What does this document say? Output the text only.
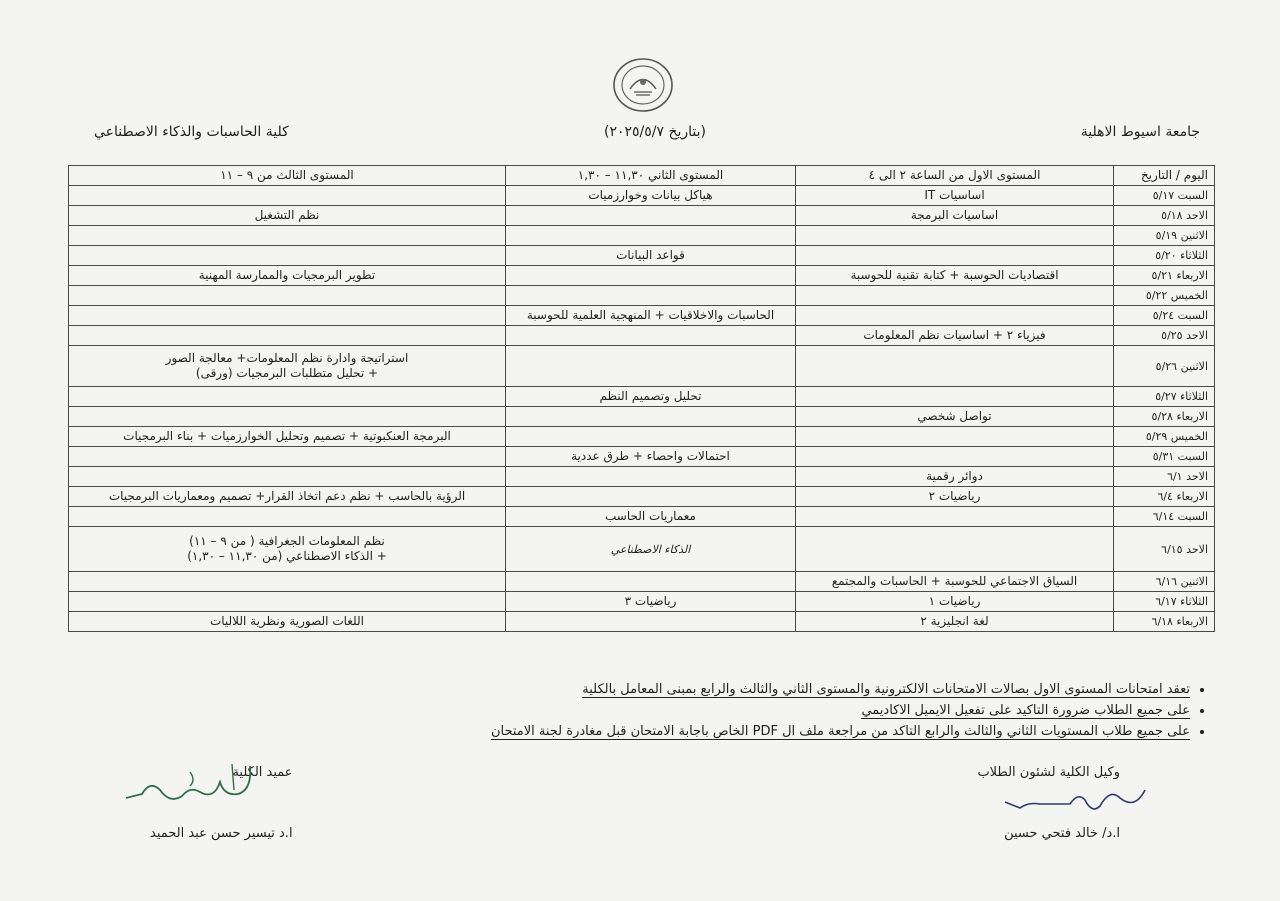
جامعة اسيوط الاهلية
(بتاريخ ٢٠٢٥/٥/٧)
كلية الحاسبات والذكاء الاصطناعي
اليوم / التاريخ	المستوى الاول من الساعة ٢ الى ٤	المستوى الثاني ١١,٣٠ – ١,٣٠	المستوى الثالث من ٩ – ١١
السبت ٥/١٧	اساسيات IT	هياكل بيانات وخوارزميات	
الاحد ٥/١٨	اساسيات البرمجة		نظم التشغيل
الاثنين ٥/١٩			
الثلاثاء ٥/٢٠		قواعد البيانات	
الاربعاء ٥/٢١	اقتصاديات الحوسبة + كتابة تقنية للحوسبة		تطوير البرمجيات والممارسة المهنية
الخميس ٥/٢٢			
السبت ٥/٢٤		الحاسبات والاخلاقيات + المنهجية العلمية للحوسبة	
الاحد ٥/٢٥	فيزياء ٢ + اساسيات نظم المعلومات		
الاثنين ٥/٢٦			استراتيجة وادارة نظم المعلومات+ معالجة الصور
+ تحليل متطلبات البرمجيات (ورقى)

الثلاثاء ٥/٢٧		تحليل وتصميم النظم	
الاربعاء ٥/٢٨	تواصل شخصي		
الخميس ٥/٢٩			البرمجة العنكبوتية + تصميم وتحليل الخوارزميات + بناء البرمجيات
السبت ٥/٣١		احتمالات واحصاء + طرق عددية	
الاحد ٦/١	دوائر رقمية		
الاربعاء ٦/٤	رياضيات ٢		الرؤية بالحاسب + نظم دعم اتخاذ القرار+ تصميم ومعماريات البرمجيات
السبت ٦/١٤		معماريات الحاسب	
الاحد ٦/١٥		الذكاء الاصطناعي	نظم المعلومات الجغرافية ( من ٩ – ١١)
+ الذكاء الاصطناعي (من ١١,٣٠ – ١,٣٠)

الاثنين ٦/١٦	السياق الاجتماعي للحوسبة + الحاسبات والمجتمع		
الثلاثاء ٦/١٧	رياضيات ١	رياضيات ٣	
الاربعاء ٦/١٨	لغة انجليزية ٢		اللغات الصورية ونظرية اللاليات
• تعقد امتحانات المستوى الاول بصالات الامتحانات الالكترونية والمستوى الثاني والثالث والرابع بمبنى المعامل بالكلية
• على جميع الطلاب ضرورة التاكيد على تفعيل الايميل الاكاديمي
• على جميع طلاب المستويات الثاني والثالث والرابع التاكد من مراجعة ملف ال PDF الخاص باجابة الامتحان قبل مغادرة لجنة الامتحان
وكيل الكلية لشئون الطلاب
ا.د/ خالد فتحي حسين
عميد الكلية
ا.د تيسير حسن عبد الحميد
